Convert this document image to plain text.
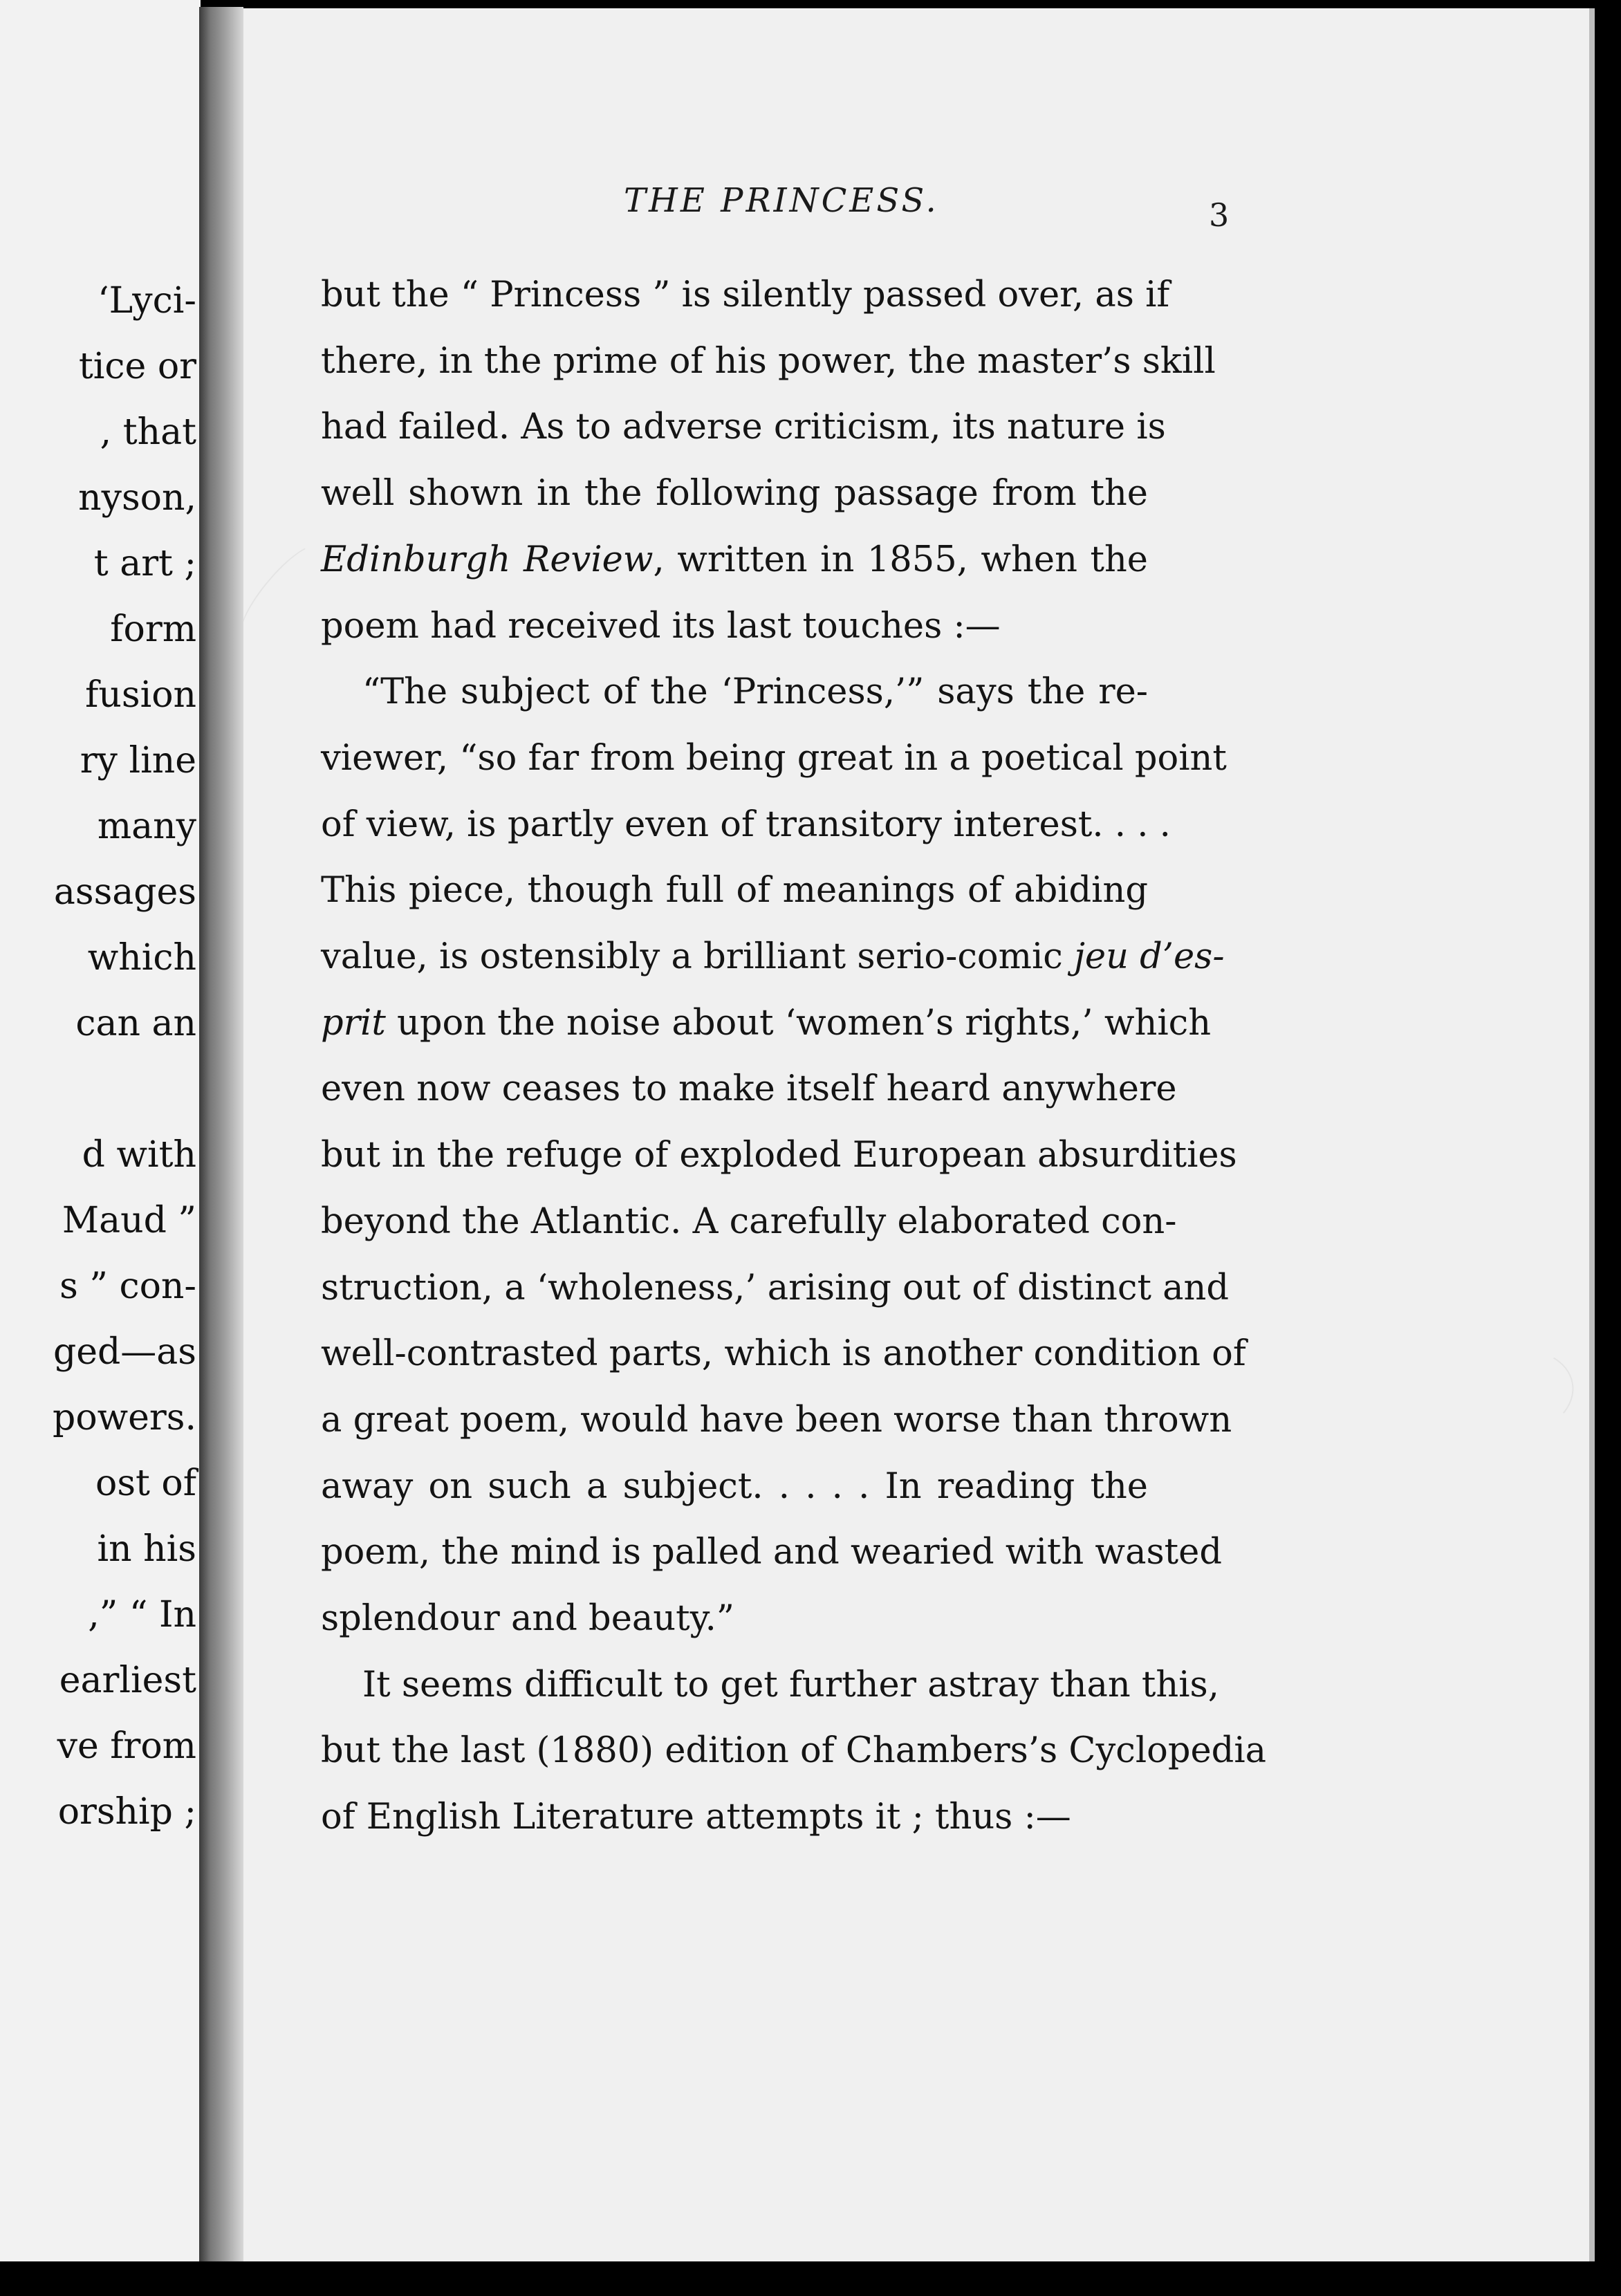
‘Lyci-
tice or
, that
nyson,
t art ;
form
fusion
ry line
many
assages
which
can an
d with
Maud ”
s ” con-
ged—as
powers.
ost of
in his
,” “ In
earliest
ve from
orship ;
THE PRINCESS.	3
but the “ Princess ” is silently passed over, as if
there, in the prime of his power, the master’s skill
had failed. As to adverse criticism, its nature is
well shown in the following passage from the
Edinburgh Review, written in 1855, when the
poem had received its last touches :—
“The subject of the ‘Princess,’” says the re-
viewer, “so far from being great in a poetical point
of view, is partly even of transitory interest. . . .
This piece, though full of meanings of abiding
value, is ostensibly a brilliant serio-comic jeu d’es-
prit upon the noise about ‘women’s rights,’ which
even now ceases to make itself heard anywhere
but in the refuge of exploded European absurdities
beyond the Atlantic. A carefully elaborated con-
struction, a ‘wholeness,’ arising out of distinct and
well-contrasted parts, which is another condition of
a great poem, would have been worse than thrown
away on such a subject. . . . . In reading the
poem, the mind is palled and wearied with wasted
splendour and beauty.”
It seems difficult to get further astray than this,
but the last (1880) edition of Chambers’s Cyclopedia
of English Literature attempts it ; thus :—
